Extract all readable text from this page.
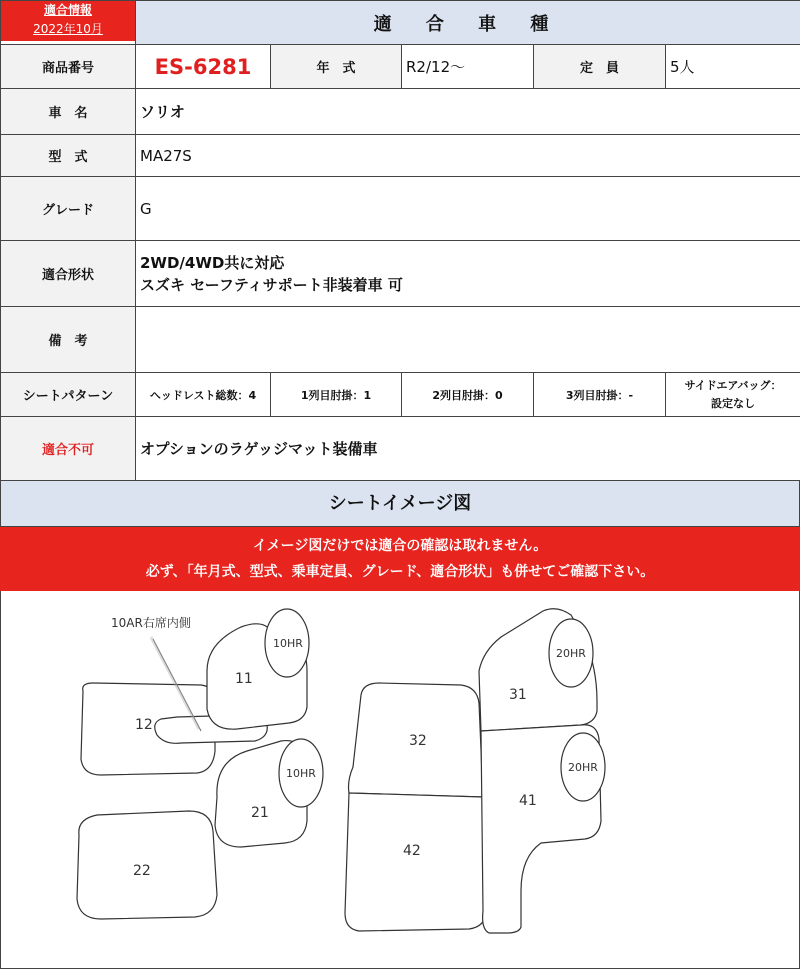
適合情報
2022年10月	適 合 車 種				
商品番号	ES-6281	年　式	R2/12〜	定　員	5人
車　名	ソリオ				
型　式	MA27S				
グレード	G				
適合形状	2WD/4WD共に対応
スズキ セーフティサポート非装着車 可				

備　考					
シートパターン	ヘッドレスト総数：4	1列目肘掛：1	2列目肘掛：0	3列目肘掛：-	サイドエアバッグ：
設定なし

適合不可	オプションのラゲッジマット装備車				
シートイメージ図
イメージ図だけでは適合の確認は取れません。
必ず、「年月式、型式、乗車定員、グレード、適合形状」も併せてご確認下さい。
10AR右席内側
10HR
11
12
10HR
21
22
32
42
31
41
20HR
20HR
